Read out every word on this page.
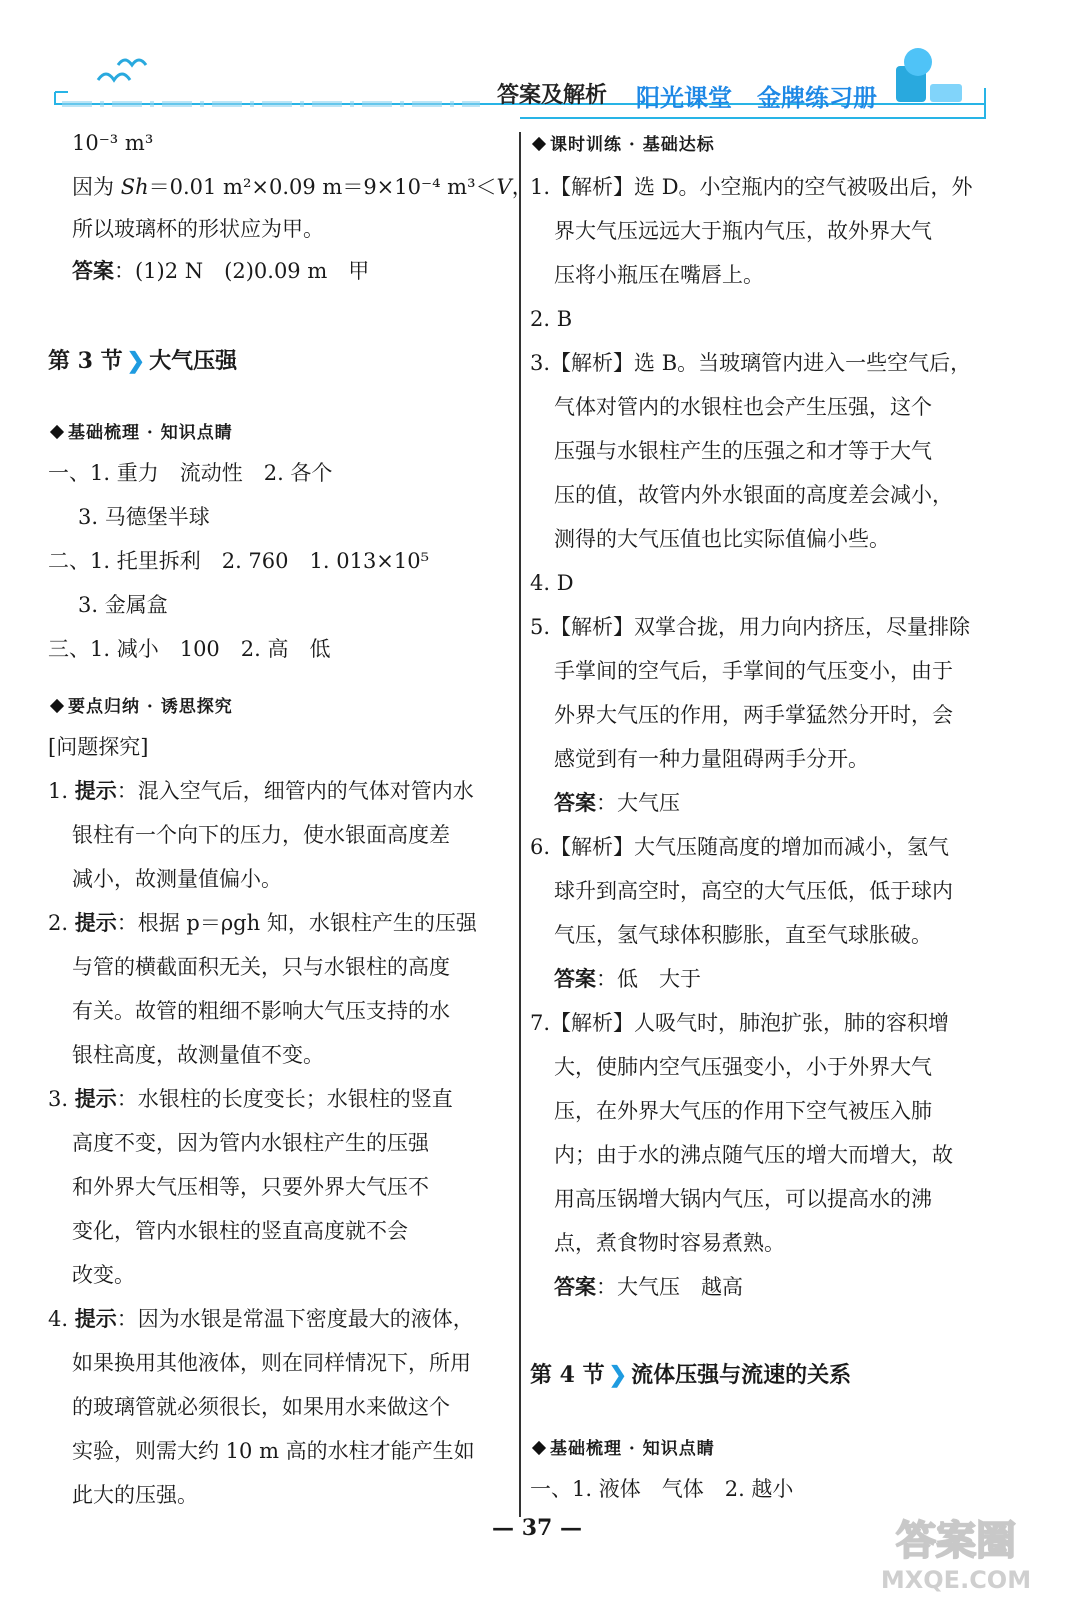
答案及解析 阳光课堂 金牌练习册
10⁻³ m³
因为 Sh＝0.01 m²×0.09 m＝9×10⁻⁴ m³＜V，
所以玻璃杯的形状应为甲。
答案：(1)2 N　(2)0.09 m　甲
第 3 节 ❯ 大气压强
基础梳理 · 知识点睛
一、1. 重力　流动性　2. 各个
3. 马德堡半球
二、1. 托里拆利　2. 760　1. 013×10⁵
3. 金属盒
三、1. 减小　100　2. 高　低
要点归纳 · 诱思探究
[问题探究]
1. 提示：混入空气后，细管内的气体对管内水
银柱有一个向下的压力，使水银面高度差
减小，故测量值偏小。
2. 提示：根据 p＝ρgh 知，水银柱产生的压强
与管的横截面积无关，只与水银柱的高度
有关。故管的粗细不影响大气压支持的水
银柱高度，故测量值不变。
3. 提示：水银柱的长度变长；水银柱的竖直
高度不变，因为管内水银柱产生的压强
和外界大气压相等，只要外界大气压不
变化，管内水银柱的竖直高度就不会
改变。
4. 提示：因为水银是常温下密度最大的液体，
如果换用其他液体，则在同样情况下，所用
的玻璃管就必须很长，如果用水来做这个
实验，则需大约 10 m 高的水柱才能产生如
此大的压强。
课时训练 · 基础达标
1.【解析】选 D。小空瓶内的空气被吸出后，外
界大气压远远大于瓶内气压，故外界大气
压将小瓶压在嘴唇上。
2. B
3.【解析】选 B。当玻璃管内进入一些空气后，
气体对管内的水银柱也会产生压强，这个
压强与水银柱产生的压强之和才等于大气
压的值，故管内外水银面的高度差会减小，
测得的大气压值也比实际值偏小些。
4. D
5.【解析】双掌合拢，用力向内挤压，尽量排除
手掌间的空气后，手掌间的气压变小，由于
外界大气压的作用，两手掌猛然分开时，会
感觉到有一种力量阻碍两手分开。
答案：大气压
6.【解析】大气压随高度的增加而减小，氢气
球升到高空时，高空的大气压低，低于球内
气压，氢气球体积膨胀，直至气球胀破。
答案：低　大于
7.【解析】人吸气时，肺泡扩张，肺的容积增
大，使肺内空气压强变小，小于外界大气
压，在外界大气压的作用下空气被压入肺
内；由于水的沸点随气压的增大而增大，故
用高压锅增大锅内气压，可以提高水的沸
点，煮食物时容易煮熟。
答案：大气压　越高
第 4 节 ❯ 流体压强与流速的关系
基础梳理 · 知识点睛
一、1. 液体　气体　2. 越小
— 37 —	答案圈
MXQE.COM
